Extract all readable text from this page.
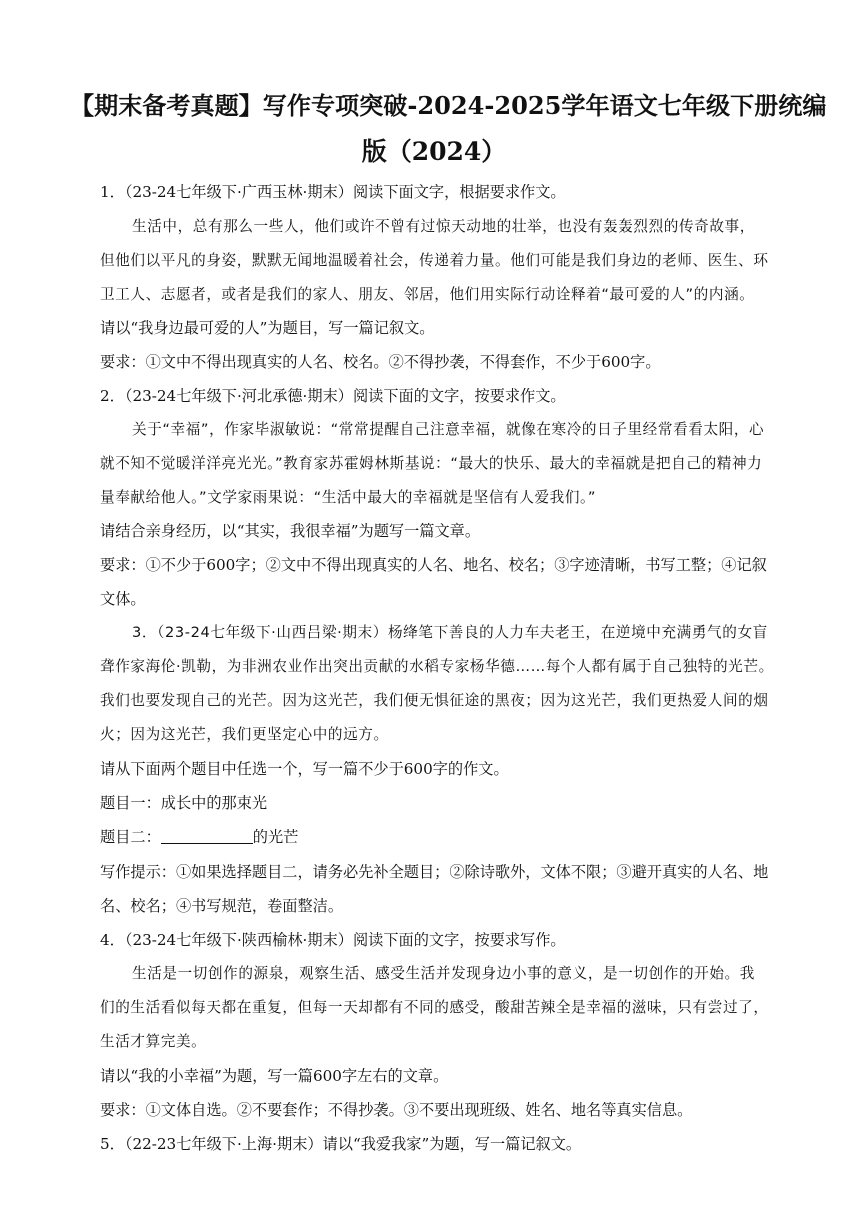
【期末备考真题】写作专项突破-2024-2025学年语文七年级下册统编
版（2024）
1．（23-24七年级下·广西玉林·期末）阅读下面文字，根据要求作文。
生活中，总有那么一些人，他们或许不曾有过惊天动地的壮举，也没有轰轰烈烈的传奇故事，
但他们以平凡的身姿，默默无闻地温暖着社会，传递着力量。他们可能是我们身边的老师、医生、环
卫工人、志愿者，或者是我们的家人、朋友、邻居，他们用实际行动诠释着“最可爱的人”的内涵。
请以“我身边最可爱的人”为题目，写一篇记叙文。
要求：①文中不得出现真实的人名、校名。②不得抄袭，不得套作，不少于600字。
2．（23-24七年级下·河北承德·期末）阅读下面的文字，按要求作文。
关于“幸福”，作家毕淑敏说：“常常提醒自己注意幸福，就像在寒冷的日子里经常看看太阳，心
就不知不觉暖洋洋亮光光。”教育家苏霍姆林斯基说：“最大的快乐、最大的幸福就是把自己的精神力
量奉献给他人。”文学家雨果说：“生活中最大的幸福就是坚信有人爱我们。”
请结合亲身经历，以“其实，我很幸福”为题写一篇文章。
要求：①不少于600字；②文中不得出现真实的人名、地名、校名；③字迹清晰，书写工整；④记叙
文体。
3．（23-24七年级下·山西吕梁·期末）杨绛笔下善良的人力车夫老王，在逆境中充满勇气的女盲
聋作家海伦·凯勒，为非洲农业作出突出贡献的水稻专家杨华德……每个人都有属于自己独特的光芒。
我们也要发现自己的光芒。因为这光芒，我们便无惧征途的黑夜；因为这光芒，我们更热爱人间的烟
火；因为这光芒，我们更坚定心中的远方。
请从下面两个题目中任选一个，写一篇不少于600字的作文。
题目一：成长中的那束光
题目二：	的光芒
写作提示：①如果选择题目二，请务必先补全题目；②除诗歌外，文体不限；③避开真实的人名、地
名、校名；④书写规范，卷面整洁。
4．（23-24七年级下·陕西榆林·期末）阅读下面的文字，按要求写作。
生活是一切创作的源泉，观察生活、感受生活并发现身边小事的意义，是一切创作的开始。我
们的生活看似每天都在重复，但每一天却都有不同的感受，酸甜苦辣全是幸福的滋味，只有尝过了，
生活才算完美。
请以“我的小幸福”为题，写一篇600字左右的文章。
要求：①文体自选。②不要套作；不得抄袭。③不要出现班级、姓名、地名等真实信息。
5．（22-23七年级下·上海·期末）请以“我爱我家”为题，写一篇记叙文。
